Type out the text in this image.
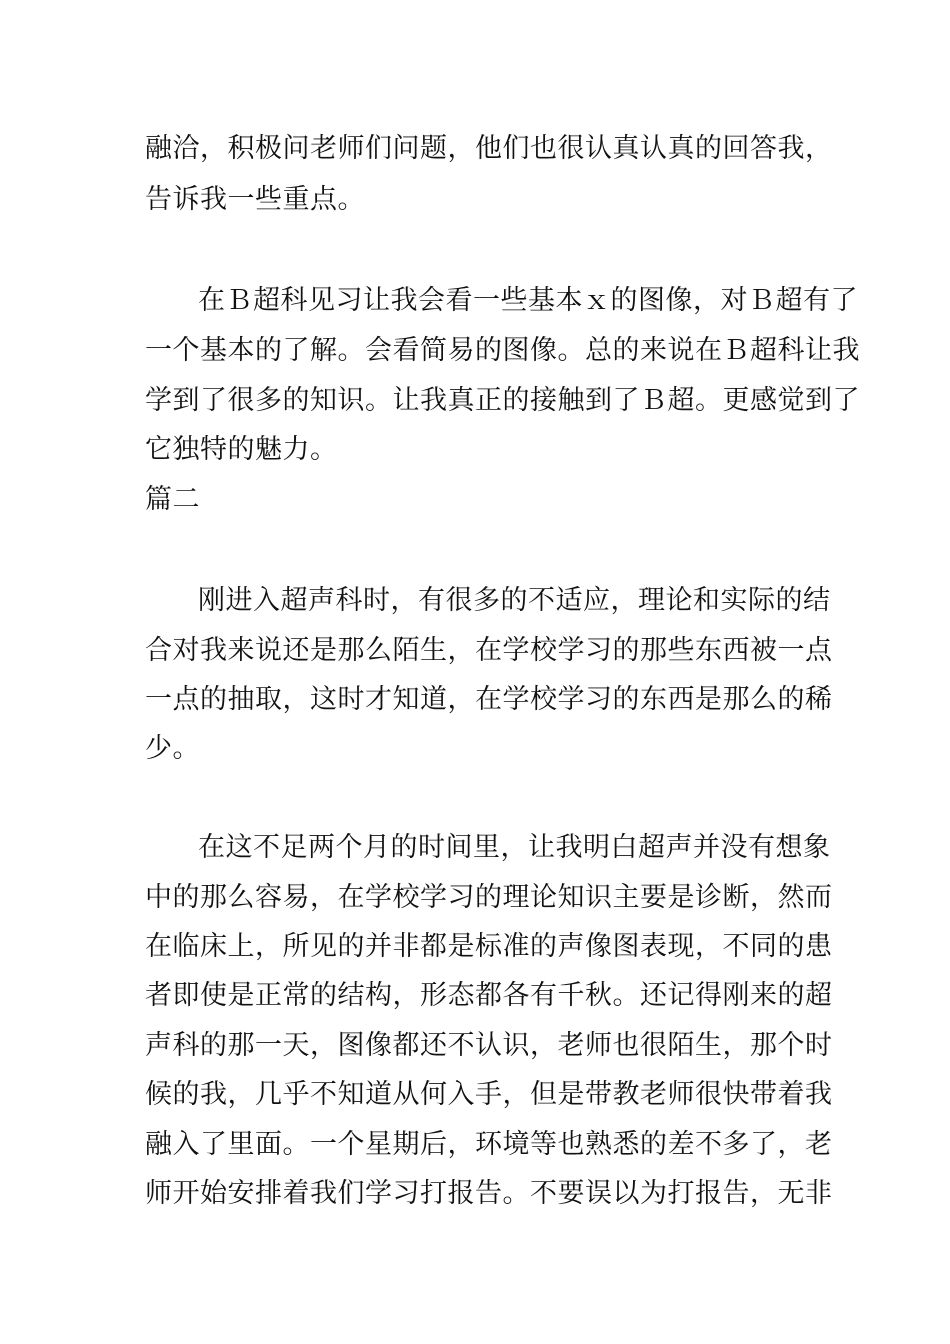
融洽，积极问老师们问题，他们也很认真认真的回答我，
告诉我一些重点。
在Ｂ超科见习让我会看一些基本ｘ的图像，对Ｂ超有了
一个基本的了解。会看简易的图像。总的来说在Ｂ超科让我
学到了很多的知识。让我真正的接触到了Ｂ超。更感觉到了
它独特的魅力。
篇二
刚进入超声科时，有很多的不适应，理论和实际的结
合对我来说还是那么陌生，在学校学习的那些东西被一点
一点的抽取，这时才知道，在学校学习的东西是那么的稀
少。
在这不足两个月的时间里，让我明白超声并没有想象
中的那么容易，在学校学习的理论知识主要是诊断，然而
在临床上，所见的并非都是标准的声像图表现，不同的患
者即使是正常的结构，形态都各有千秋。还记得刚来的超
声科的那一天，图像都还不认识，老师也很陌生，那个时
候的我，几乎不知道从何入手，但是带教老师很快带着我
融入了里面。一个星期后，环境等也熟悉的差不多了，老
师开始安排着我们学习打报告。不要误以为打报告，无非
